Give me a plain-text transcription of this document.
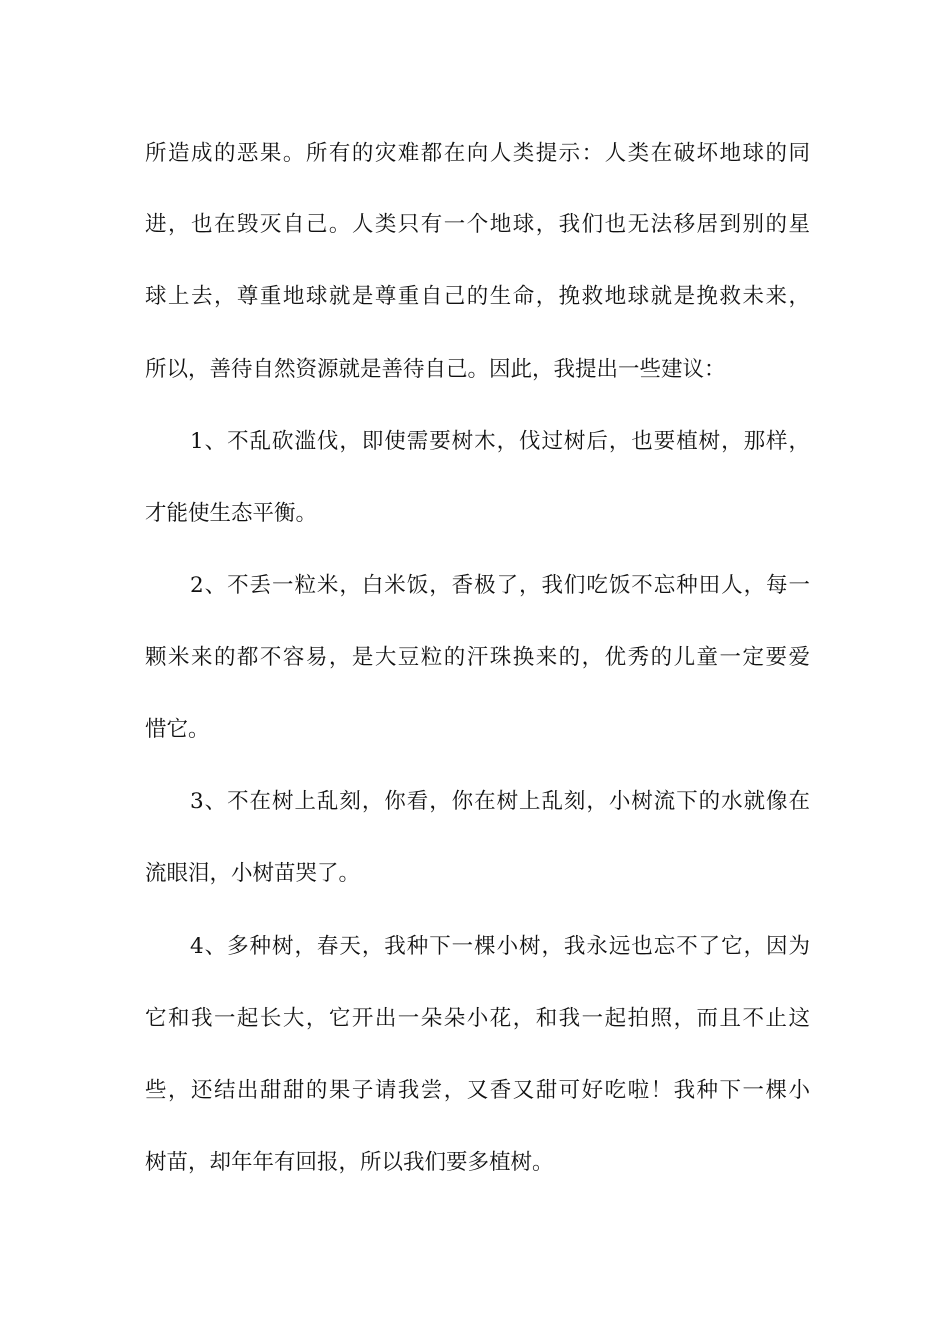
所造成的恶果。所有的灾难都在向人类提示：人类在破坏地球的同
进，也在毁灭自己。人类只有一个地球，我们也无法移居到别的星
球上去，尊重地球就是尊重自己的生命，挽救地球就是挽救未来，
所以，善待自然资源就是善待自己。因此，我提出一些建议：
1、不乱砍滥伐，即使需要树木，伐过树后，也要植树，那样，
才能使生态平衡。
2、不丢一粒米，白米饭，香极了，我们吃饭不忘种田人，每一
颗米来的都不容易，是大豆粒的汗珠换来的，优秀的儿童一定要爱
惜它。
3、不在树上乱刻，你看，你在树上乱刻，小树流下的水就像在
流眼泪，小树苗哭了。
4、多种树，春天，我种下一棵小树，我永远也忘不了它，因为
它和我一起长大，它开出一朵朵小花，和我一起拍照，而且不止这
些，还结出甜甜的果子请我尝，又香又甜可好吃啦！我种下一棵小
树苗，却年年有回报，所以我们要多植树。
